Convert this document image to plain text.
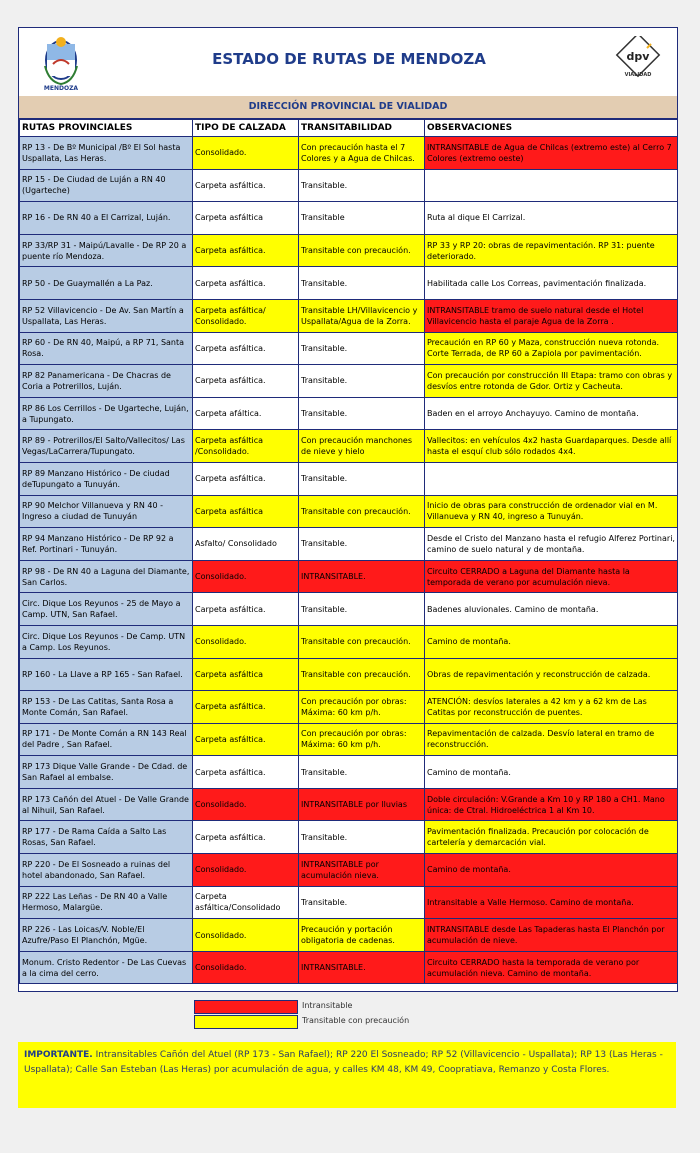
MENDOZA
ESTADO DE RUTAS DE MENDOZA	dpv
VIALIDAD
DIRECCIÓN PROVINCIAL DE VIALIDAD
RUTAS PROVINCIALES	TIPO DE CALZADA	TRANSITABILIDAD	OBSERVACIONES
RP 13 - De Bº Municipal /Bº El Sol hasta Uspallata, Las Heras.	Consolidado.	Con precaución hasta el 7 Colores y a Agua de Chilcas.	INTRANSITABLE de Agua de Chilcas (extremo este) al Cerro 7 Colores (extremo oeste)
RP 15 - De Ciudad de Luján a RN 40 (Ugarteche)	Carpeta asfáltica.	Transitable.	
RP 16 - De RN 40 a El Carrizal, Luján.	Carpeta asfáltica	Transitable	Ruta al dique El Carrizal.
RP 33/RP 31 - Maipú/Lavalle - De RP 20 a puente río Mendoza.	Carpeta asfáltica.	Transitable con precaución.	RP 33 y RP 20: obras de repavimentación. RP 31: puente deteriorado.
RP 50 - De Guaymallén a La Paz.	Carpeta asfáltica.	Transitable.	Habilitada calle Los Correas, pavimentación finalizada.
RP 52 Villavicencio - De Av. San Martín a Uspallata, Las Heras.	Carpeta asfáltica/ Consolidado.	Transitable LH/Villavicencio y Uspallata/Agua de la Zorra.	INTRANSITABLE tramo de suelo natural desde el Hotel Villavicencio hasta el paraje Agua de la Zorra .
RP 60 - De RN 40, Maipú, a RP 71, Santa Rosa.	Carpeta asfáltica.	Transitable.	Precaución en RP 60 y Maza, construcción nueva rotonda. Corte Terrada, de RP 60 a Zapiola por pavimentación.
RP 82 Panamericana - De Chacras de Coria a Potrerillos, Luján.	Carpeta asfáltica.	Transitable.	Con precaución por construcción III Etapa: tramo con obras y desvíos entre rotonda de Gdor. Ortiz y Cacheuta.
RP 86 Los Cerrillos - De Ugarteche, Luján, a Tupungato.	Carpeta afáltica.	Transitable.	Baden en el arroyo Anchayuyo. Camino de montaña.
RP 89 - Potrerillos/El Salto/Vallecitos/ Las Vegas/LaCarrera/Tupungato.	Carpeta asfáltica /Consolidado.	Con precaución manchones de nieve y hielo	Vallecitos: en vehículos 4x2 hasta Guardaparques. Desde allí hasta el esquí club sólo rodados 4x4.
RP 89 Manzano Histórico - De ciudad deTupungato a Tunuyán.	Carpeta asfáltica.	Transitable.	
RP 90 Melchor Villanueva y RN 40 - Ingreso a ciudad de Tunuyán	Carpeta asfáltica	Transitable con precaución.	Inicio de obras para construcción de ordenador vial en M. Villanueva y RN 40, ingreso a Tunuyán.
RP 94 Manzano Histórico - De RP 92 a Ref. Portinari - Tunuyán.	Asfalto/ Consolidado	Transitable.	Desde el Cristo del Manzano hasta el refugio Alferez Portinari, camino de suelo natural y de montaña.
RP 98 - De RN 40 a Laguna del Diamante, San Carlos.	Consolidado.	INTRANSITABLE.	Circuito CERRADO a Laguna del Diamante hasta la temporada de verano por acumulación nieva.
Circ. Dique Los Reyunos - 25 de Mayo a Camp. UTN, San Rafael.	Carpeta asfáltica.	Transitable.	Badenes aluvionales. Camino de montaña.
Circ. Dique Los Reyunos - De Camp. UTN a Camp. Los Reyunos.	Consolidado.	Transitable con precaución.	Camino de montaña.
RP 160 - La Llave a RP 165 - San Rafael.	Carpeta asfáltica	Transitable con precaución.	Obras de repavimentación y reconstrucción de calzada.
RP 153 - De Las Catitas, Santa Rosa a Monte Comán, San Rafael.	Carpeta asfáltica.	Con precaución por obras: Máxima: 60 km p/h.	ATENCIÓN: desvíos laterales a 42 km y a 62 km de Las Catitas por reconstrucción de puentes.
RP 171 - De Monte Comán a RN 143 Real del Padre , San Rafael.	Carpeta asfáltica.	Con precaución por obras: Máxima: 60 km p/h.	Repavimentación de calzada. Desvío lateral en tramo de reconstrucción.
RP 173 Dique Valle Grande - De Cdad. de San Rafael al embalse.	Carpeta asfáltica.	Transitable.	Camino de montaña.
RP 173 Cañón del Atuel - De Valle Grande al Nihuil, San Rafael.	Consolidado.	INTRANSITABLE por lluvias	Doble circulación: V.Grande a Km 10 y RP 180 a CH1. Mano única: de Ctral. Hidroeléctrica 1 al Km 10.
RP 177 - De Rama Caída a Salto Las Rosas, San Rafael.	Carpeta asfáltica.	Transitable.	Pavimentación finalizada. Precaución por colocación de cartelería y demarcación vial.
RP 220 - De El Sosneado a ruinas del hotel abandonado, San Rafael.	Consolidado.	INTRANSITABLE por acumulación nieva.	Camino de montaña.
RP 222 Las Leñas - De RN 40 a Valle Hermoso, Malargüe.	Carpeta asfáltica/Consolidado	Transitable.	Intransitable a Valle Hermoso. Camino de montaña.
RP 226 - Las Loicas/V. Noble/El Azufre/Paso El Planchón, Mgüe.	Consolidado.	Precaución y portación obligatoria de cadenas.	INTRANSITABLE desde Las Tapaderas hasta El Planchón por acumulación de nieve.
Monum. Cristo Redentor - De Las Cuevas a la cima del cerro.	Consolidado.	INTRANSITABLE.	Circuito CERRADO hasta la temporada de verano por acumulación nieva. Camino de montaña.
Intransitable
Transitable con precaución
IMPORTANTE. Intransitables Cañón del Atuel (RP 173 - San Rafael); RP 220 El Sosneado; RP 52 (Villavicencio - Uspallata); RP 13 (Las Heras - Uspallata); Calle San Esteban (Las Heras) por acumulación de agua, y calles KM 48, KM 49, Coopratiava, Remanzo y Costa Flores.
